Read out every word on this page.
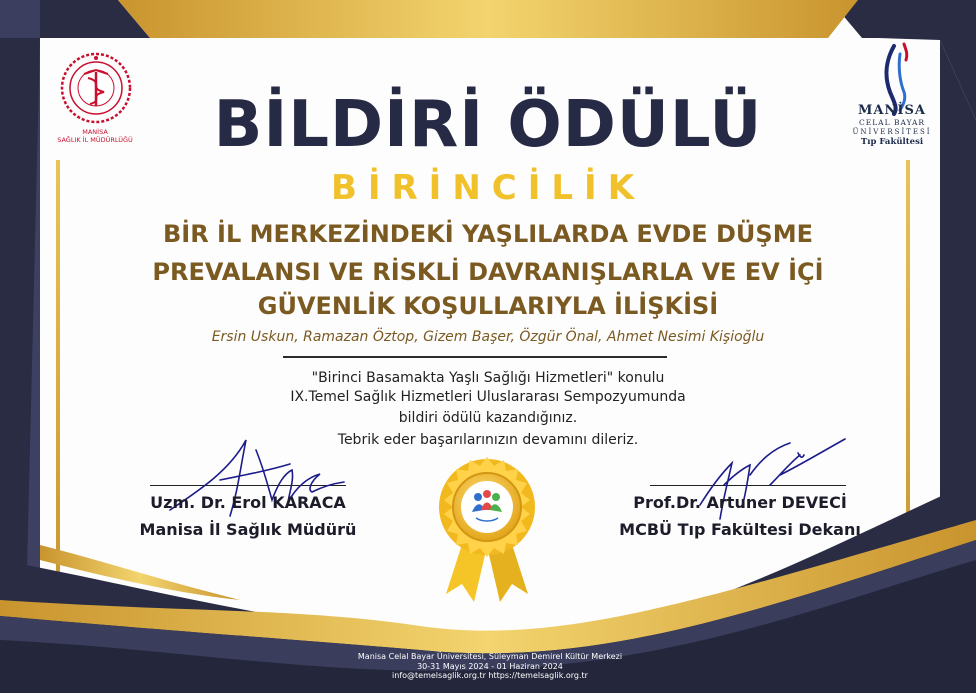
MANİSA
SAĞLIK İL MÜDÜRLÜĞÜ
MANİSA
CELAL BAYAR
ÜNİVERSİTESİ
Tıp Fakültesi
BİLDİRİ ÖDÜLÜ
BİRİNCİLİK
BİR İL MERKEZİNDEKİ YAŞLILARDA EVDE DÜŞME
PREVALANSI VE RİSKLİ DAVRANIŞLARLA VE EV İÇİ
GÜVENLİK KOŞULLARIYLA İLİŞKİSİ
Ersin Uskun, Ramazan Öztop, Gizem Başer, Özgür Önal, Ahmet Nesimi Kişioğlu
"Birinci Basamakta Yaşlı Sağlığı Hizmetleri" konulu
IX.Temel Sağlık Hizmetleri Uluslararası Sempozyumunda
bildiri ödülü kazandığınız.
Tebrik eder başarılarınızın devamını dileriz.
Uzm. Dr. Erol KARACA
Manisa İl Sağlık Müdürü
Prof.Dr. Artuner DEVECİ
MCBÜ Tıp Fakültesi Dekanı
Manisa Celal Bayar Üniversitesi, Süleyman Demirel Kültür Merkezi
30-31 Mayıs 2024 - 01 Haziran 2024
info@temelsaglik.org.tr https://temelsaglik.org.tr
